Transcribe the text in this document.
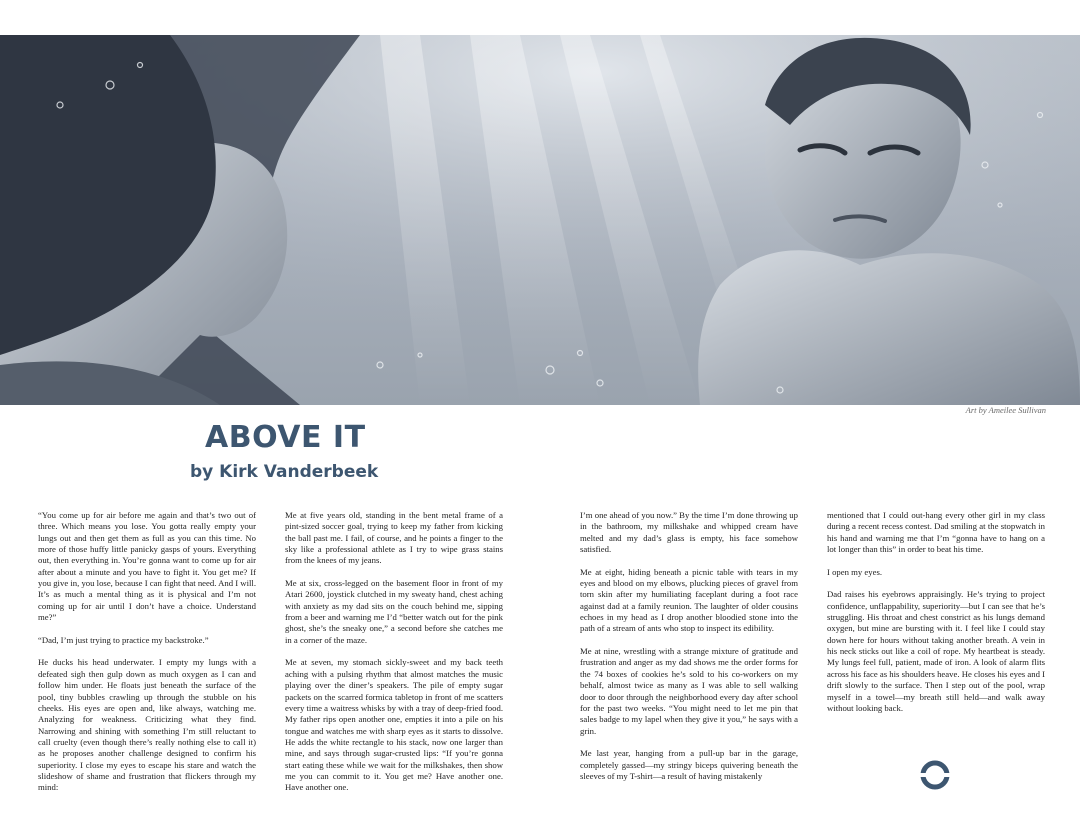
Art by Ameilee Sullivan
ABOVE IT
by Kirk Vanderbeek

“You come up for air before me again and that’s two out of three. Which means you lose. You gotta really empty your lungs out and then get them as full as you can this time. No more of those huffy little panicky gasps of yours. Everything out, then everything in. You’re gonna want to come up for air after about a minute and you have to fight it. You get me? If you give in, you lose, because I can fight that need. And I will. It’s as much a mental thing as it is physical and I’m not coming up for air until I don’t have a choice. Understand me?”

“Dad, I’m just trying to practice my backstroke.”

He ducks his head underwater. I empty my lungs with a defeated sigh then gulp down as much oxygen as I can and follow him under. He floats just beneath the surface of the pool, tiny bubbles crawling up through the stubble on his cheeks. His eyes are open and, like always, watching me. Analyzing for weakness. Criticizing what they find. Narrowing and shining with something I’m still reluctant to call cruelty (even though there’s really nothing else to call it) as he proposes another challenge designed to confirm his superiority. I close my eyes to escape his stare and watch the slideshow of shame and frustration that flickers through my mind:

Me at five years old, standing in the bent metal frame of a pint-sized soccer goal, trying to keep my father from kicking the ball past me. I fail, of course, and he points a finger to the sky like a professional athlete as I try to wipe grass stains from the knees of my jeans.

Me at six, cross-legged on the basement floor in front of my Atari 2600, joystick clutched in my sweaty hand, chest aching with anxiety as my dad sits on the couch behind me, sipping from a beer and warning me I’d “better watch out for the pink ghost, she’s the sneaky one,” a second before she catches me in a corner of the maze.

Me at seven, my stomach sickly-sweet and my back teeth aching with a pulsing rhythm that almost matches the music playing over the diner’s speakers. The pile of empty sugar packets on the scarred formica tabletop in front of me scatters every time a waitress whisks by with a tray of deep-fried food. My father rips open another one, empties it into a pile on his tongue and watches me with sharp eyes as it starts to dissolve. He adds the white rectangle to his stack, now one larger than mine, and says through sugar-crusted lips: “If you’re gonna start eating these while we wait for the milkshakes, then show me you can commit to it. You get me? Have another one. Have another one.

I’m one ahead of you now.” By the time I’m done throwing up in the bathroom, my milkshake and whipped cream have melted and my dad’s glass is empty, his face somehow satisfied.

Me at eight, hiding beneath a picnic table with tears in my eyes and blood on my elbows, plucking pieces of gravel from torn skin after my humiliating faceplant during a foot race against dad at a family reunion. The laughter of older cousins echoes in my head as I drop another bloodied stone into the path of a stream of ants who stop to inspect its edibility.

Me at nine, wrestling with a strange mixture of gratitude and frustration and anger as my dad shows me the order forms for the 74 boxes of cookies he’s sold to his co-workers on my behalf, almost twice as many as I was able to sell walking door to door through the neighborhood every day after school for the past two weeks. “You might need to let me pin that sales badge to my lapel when they give it you,” he says with a grin.

Me last year, hanging from a pull-up bar in the garage, completely gassed—my stringy biceps quivering beneath the sleeves of my T-shirt—a result of having mistakenly

mentioned that I could out-hang every other girl in my class during a recent recess contest. Dad smiling at the stopwatch in his hand and warning me that I’m “gonna have to hang on a lot longer than this” in order to beat his time.

I open my eyes.

Dad raises his eyebrows appraisingly. He’s trying to project confidence, unflappability, superiority—but I can see that he’s struggling. His throat and chest constrict as his lungs demand oxygen, but mine are bursting with it. I feel like I could stay down here for hours without taking another breath. A vein in his neck sticks out like a coil of rope. My heartbeat is steady. My lungs feel full, patient, made of iron. A look of alarm flits across his face as his shoulders heave. He closes his eyes and I drift slowly to the surface. Then I step out of the pool, wrap myself in a towel—my breath still held—and walk away without looking back.
